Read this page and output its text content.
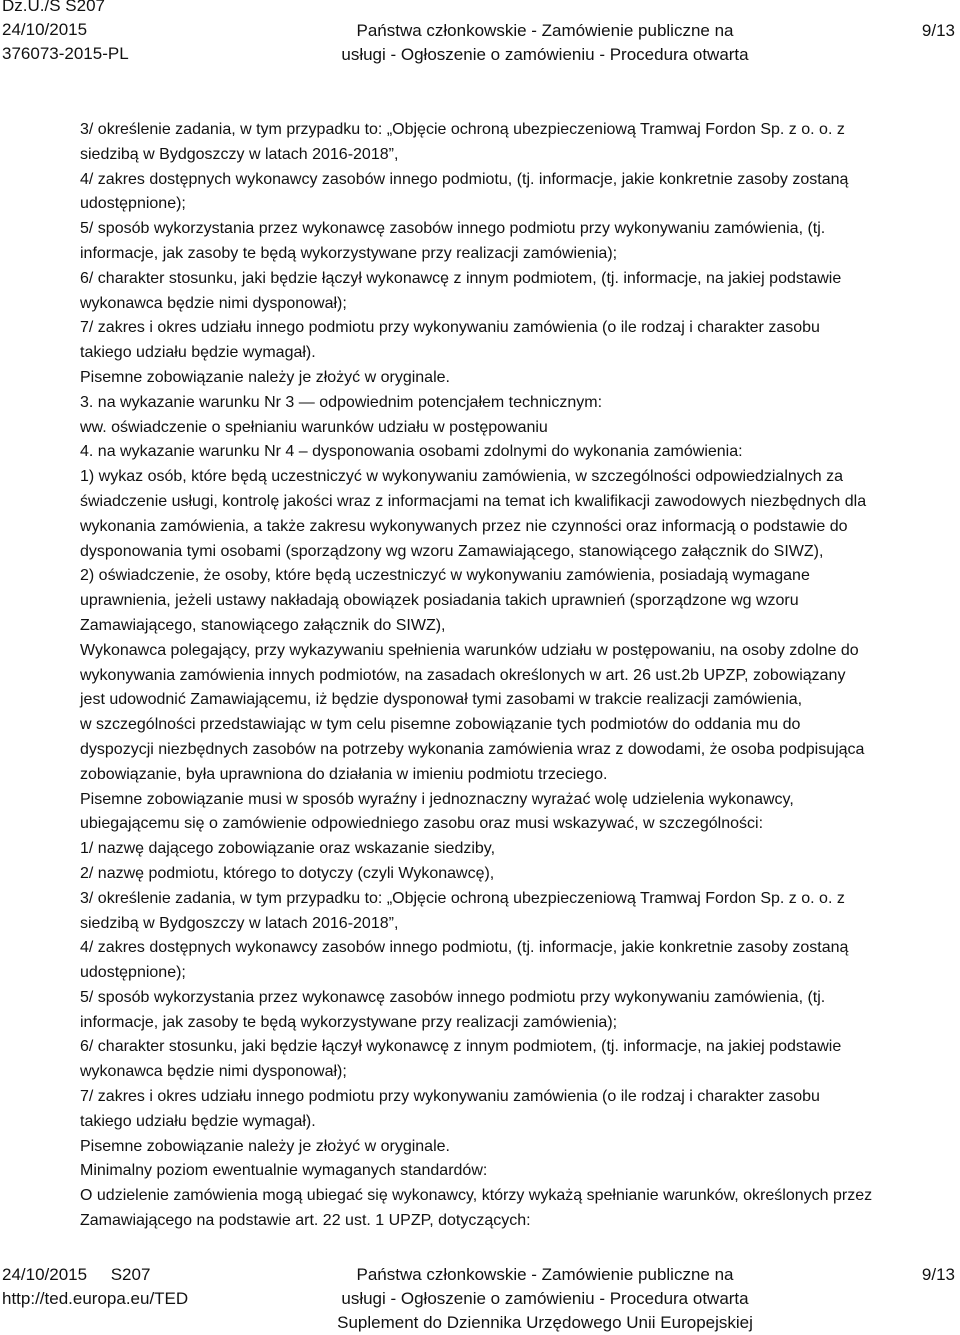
Dz.U./S S207
24/10/2015
376073-2015-PL
Państwa członkowskie - Zamówienie publiczne na
usługi - Ogłoszenie o zamówieniu - Procedura otwarta
9/13

3/ określenie zadania, w tym przypadku to: „Objęcie ochroną ubezpieczeniową Tramwaj Fordon Sp. z o. o. z

siedzibą w Bydgoszczy w latach 2016-2018”,

4/ zakres dostępnych wykonawcy zasobów innego podmiotu, (tj. informacje, jakie konkretnie zasoby zostaną

udostępnione);

5/ sposób wykorzystania przez wykonawcę zasobów innego podmiotu przy wykonywaniu zamówienia, (tj.

informacje, jak zasoby te będą wykorzystywane przy realizacji zamówienia);

6/ charakter stosunku, jaki będzie łączył wykonawcę z innym podmiotem, (tj. informacje, na jakiej podstawie

wykonawca będzie nimi dysponował);

7/ zakres i okres udziału innego podmiotu przy wykonywaniu zamówienia (o ile rodzaj i charakter zasobu

takiego udziału będzie wymagał).

Pisemne zobowiązanie należy je złożyć w oryginale.

3. na wykazanie warunku Nr 3 — odpowiednim potencjałem technicznym:

ww. oświadczenie o spełnianiu warunków udziału w postępowaniu

4. na wykazanie warunku Nr 4 – dysponowania osobami zdolnymi do wykonania zamówienia:

1) wykaz osób, które będą uczestniczyć w wykonywaniu zamówienia, w szczególności odpowiedzialnych za

świadczenie usługi, kontrolę jakości wraz z informacjami na temat ich kwalifikacji zawodowych niezbędnych dla

wykonania zamówienia, a także zakresu wykonywanych przez nie czynności oraz informacją o podstawie do

dysponowania tymi osobami (sporządzony wg wzoru Zamawiającego, stanowiącego załącznik do SIWZ),

2) oświadczenie, że osoby, które będą uczestniczyć w wykonywaniu zamówienia, posiadają wymagane

uprawnienia, jeżeli ustawy nakładają obowiązek posiadania takich uprawnień (sporządzone wg wzoru

Zamawiającego, stanowiącego załącznik do SIWZ),

Wykonawca polegający, przy wykazywaniu spełnienia warunków udziału w postępowaniu, na osoby zdolne do

wykonywania zamówienia innych podmiotów, na zasadach określonych w art. 26 ust.2b UPZP, zobowiązany

jest udowodnić Zamawiającemu, iż będzie dysponował tymi zasobami w trakcie realizacji zamówienia,

w szczególności przedstawiając w tym celu pisemne zobowiązanie tych podmiotów do oddania mu do

dyspozycji niezbędnych zasobów na potrzeby wykonania zamówienia wraz z dowodami, że osoba podpisująca

zobowiązanie, była uprawniona do działania w imieniu podmiotu trzeciego.

Pisemne zobowiązanie musi w sposób wyraźny i jednoznaczny wyrażać wolę udzielenia wykonawcy,

ubiegającemu się o zamówienie odpowiedniego zasobu oraz musi wskazywać, w szczególności:

1/ nazwę dającego zobowiązanie oraz wskazanie siedziby,

2/ nazwę podmiotu, którego to dotyczy (czyli Wykonawcę),

3/ określenie zadania, w tym przypadku to: „Objęcie ochroną ubezpieczeniową Tramwaj Fordon Sp. z o. o. z

siedzibą w Bydgoszczy w latach 2016-2018”,

4/ zakres dostępnych wykonawcy zasobów innego podmiotu, (tj. informacje, jakie konkretnie zasoby zostaną

udostępnione);

5/ sposób wykorzystania przez wykonawcę zasobów innego podmiotu przy wykonywaniu zamówienia, (tj.

informacje, jak zasoby te będą wykorzystywane przy realizacji zamówienia);

6/ charakter stosunku, jaki będzie łączył wykonawcę z innym podmiotem, (tj. informacje, na jakiej podstawie

wykonawca będzie nimi dysponował);

7/ zakres i okres udziału innego podmiotu przy wykonywaniu zamówienia (o ile rodzaj i charakter zasobu

takiego udziału będzie wymagał).

Pisemne zobowiązanie należy je złożyć w oryginale.

Minimalny poziom ewentualnie wymaganych standardów:

O udzielenie zamówienia mogą ubiegać się wykonawcy, którzy wykażą spełnianie warunków, określonych przez

Zamawiającego na podstawie art. 22 ust. 1 UPZP, dotyczących:

24/10/2015     S207
http://ted.europa.eu/TED
Państwa członkowskie - Zamówienie publiczne na
usługi - Ogłoszenie o zamówieniu - Procedura otwarta
Suplement do Dziennika Urzędowego Unii Europejskiej
9/13
